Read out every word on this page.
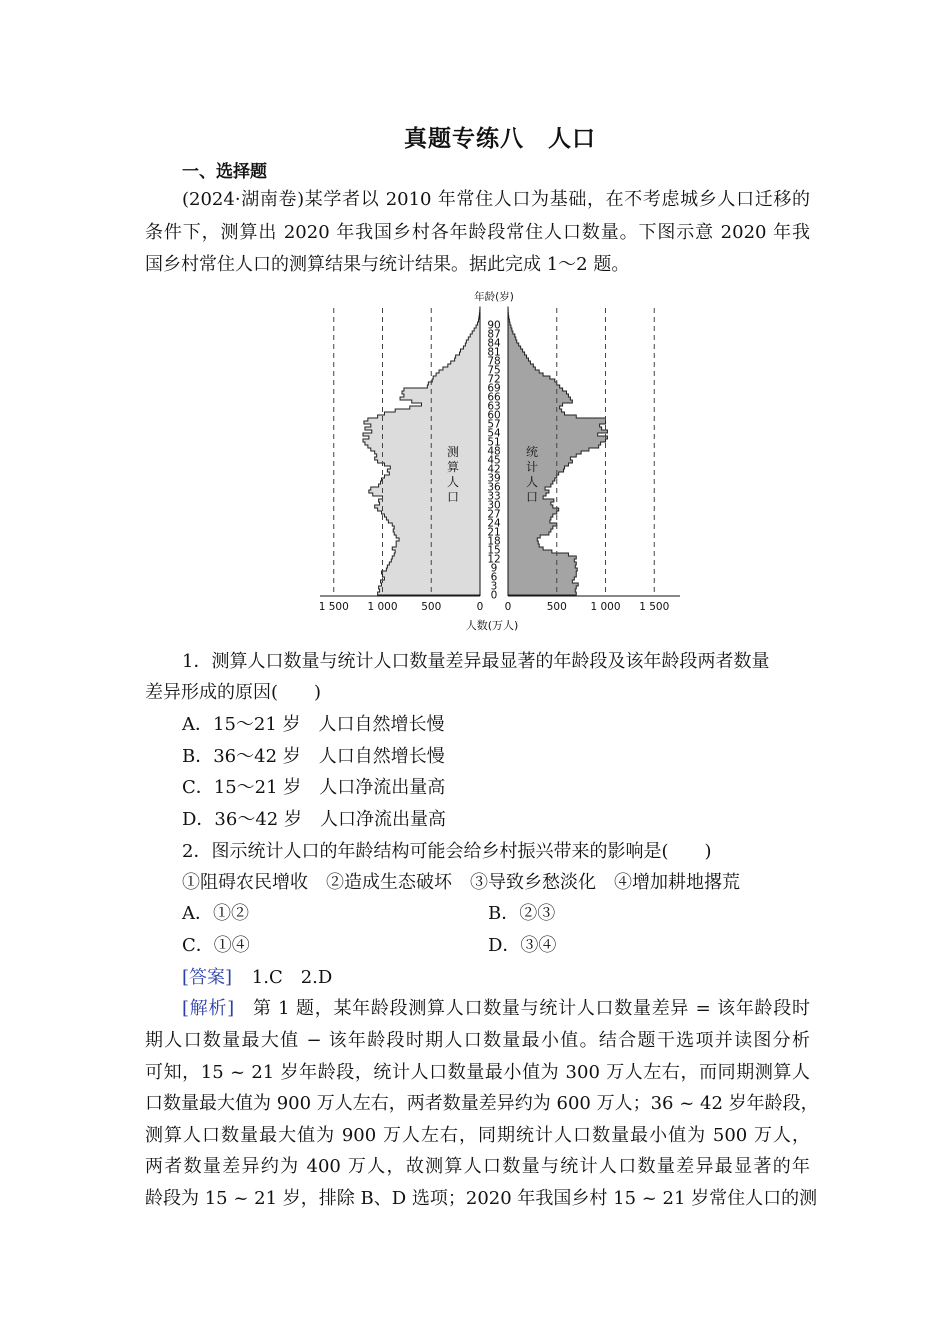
真题专练八　人口
一、选择题
(2024·湖南卷)某学者以 2010 年常住人口为基础，在不考虑城乡人口迁移的
条件下，测算出 2020 年我国乡村各年龄段常住人口数量。下图示意 2020 年我
国乡村常住人口的测算结果与统计结果。据此完成 1～2 题。
0
3
6
9
12
15
18
21
24
27
30
33
36
39
42
45
48
51
54
57
60
63
66
69
72
75
78
81
84
87
90
年龄(岁)
1 500 1 000 500	0 0	500 1 000 1 500
人数(万人)
测算人口
统计人口
1．测算人口数量与统计人口数量差异最显著的年龄段及该年龄段两者数量
差异形成的原因(　　)
A．15～21 岁　人口自然增长慢
B．36～42 岁　人口自然增长慢
C．15～21 岁　人口净流出量高
D．36～42 岁　人口净流出量高
2．图示统计人口的年龄结构可能会给乡村振兴带来的影响是(　　)
①阻碍农民增收　②造成生态破坏　③导致乡愁淡化　④增加耕地撂荒
A．①②	B．②③
C．①④	D．③④
[答案] 1.C　2.D
[解析] 第 1 题，某年龄段测算人口数量与统计人口数量差异 = 该年龄段时
期人口数量最大值 − 该年龄段时期人口数量最小值。结合题干选项并读图分析
可知，15 ~ 21 岁年龄段，统计人口数量最小值为 300 万人左右，而同期测算人
口数量最大值为 900 万人左右，两者数量差异约为 600 万人；36 ~ 42 岁年龄段，
测算人口数量最大值为 900 万人左右，同期统计人口数量最小值为 500 万人，
两者数量差异约为 400 万人，故测算人口数量与统计人口数量差异最显著的年
龄段为 15 ~ 21 岁，排除 B、D 选项；2020 年我国乡村 15 ~ 21 岁常住人口的测
